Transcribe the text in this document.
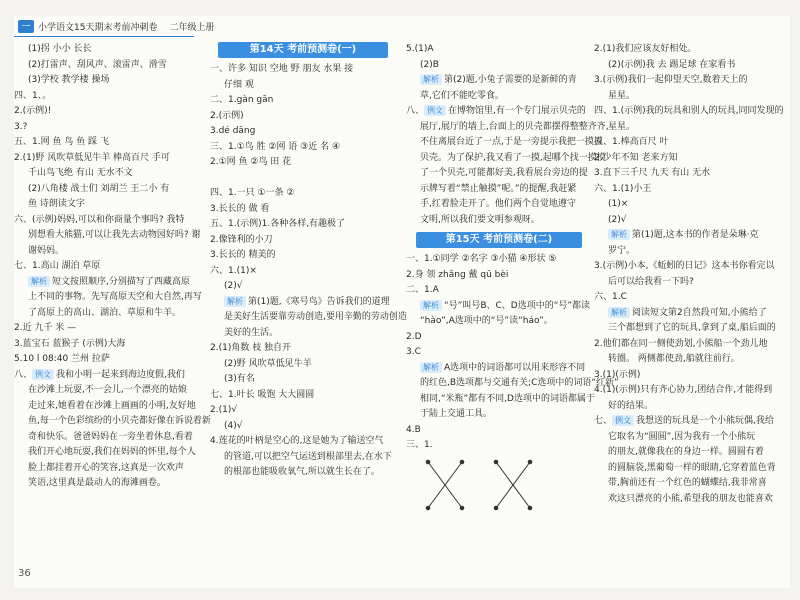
一 小学语文15天期末考前冲刺卷 二年级上册
(1)拐 小小 长长
(2)打雷声、刮风声、滚雷声、滑雪
(3)学校 教学楼 操场
四、1、。
2.(示例)!
3.?
五、1.网 鱼 鸟 鱼 踩 飞
2.(1)野 风吹草低见牛羊 棒高百尺 手可
千山鸟飞绝 有山 无水不文
(2)八角楼 战士们 刘胡兰 王二小 有
鱼 诗朗读文字
六、(示例)妈妈,可以和你商量个事吗? 我特
别想看大熊猫,可以让我先去动物园好吗? 谢
谢妈妈。
七、1.高山 湖泊 草原
解析 短文按照顺序,分别描写了西藏高原
上不同的事物。先写高原天空和大自然,再写
了高原上的高山、湖泊、草原和牛羊。
2.近 九千 米 —
3.蓝宝石 蓝猴子 (示例)大海
5.10 l 08:40 兰州 拉萨
八、 例文 我和小明一起来到海边度假,我们
在沙滩上玩耍,不一会儿,一个漂亮的姑娘
走过来,她看着在沙滩上画画的小明,友好地
鱼,每一个色彩缤纷的小贝壳都好像在诉说着新
奇和快乐。爸爸妈妈在一旁坐着休息,看着
我们开心地玩耍,我们在妈妈的怀里,每个人
脸上都挂着开心的笑容,这真是一次欢声
笑语,这里真是最动人的海滩画卷。
第14天 考前预测卷(一)
一、许多 知识 空地 野 朋友 水果 接
仔细 观
二、1.gàn gān
2.(示例)
3.dé dāng
三、1.①鸟 胜 ②网 语 ③近 名 ④
2.①网 鱼 ②鸟 田 花

四、1.一只 ①一条 ②
3.长长的 做 看
五、1.(示例)1.各种各样,有趣极了
2.像锋利的小刀
3.长长的 精美的
六、1.(1)×
(2)√
解析 第(1)题,《寒号鸟》告诉我们的道理
是美好生活要靠劳动创造,要用辛勤的劳动创造
美好的生活。
2.(1)角数 枝 独自开
(2)野 风吹草低见牛羊
(3)有名
七、1.叶长 吸饱 大大圆圆
2.(1)√
(4)√
4.莲花的叶柄是空心的,这是她为了输送空气
的管道,可以把空气运送到根部里去,在水下
的根部也能吸收氧气,所以就生长在了。
5.(1)A
(2)B
解析 第(2)题,小兔子需要的是新鲜的青
草,它们不能吃零食。
八、 例文 在博物馆里,有一个专门展示贝壳的
展厅,展厅的墙上,台面上的贝壳都摆得整整齐齐,
不住离展台近了一点,于是一旁提示我把一摸摸
贝壳。为了保护,我又看了一摸,起哪个找一摸摸
了一个贝壳,可能都好美,我看展台旁边的提
示牌写着“禁止触摸”呢。”的提醒,我赶紧
手,红着脸走开了。他们两个自觉地遵守
文明,所以我们要文明参观呀。
第15天 考前预测卷(二)
一、1.①同学 ②名字 ③小猫 ④形状 ⑤
2.身 领 zhǎng 戴 qū bèi
二、1.A
解析 “号”叫号B、C、D选项中的“号”都读
“hào”,A选项中的“号”读“háo”。
2.D
3.C
解析 A选项中的词语都可以用来形容不同
的红色,B选项都与交通有关;C选项中的词语“红新”
相同,“米瓶”都有不同,D选项中的词语都属于
于陆上交通工具。
4.B
三、1.
2.(1)我们应该友好相处。
(2)(示例)我 去 踢足球 在家看书
3.(示例)我们一起仰望天空,数着天上的
星星。
四、1.(示例)我的玩具和别人的玩具,同同发现的
星星。
五、1.棒高百尺 叶
2.少年不知 老来方知
3.直下三千尺 九天 有山 无水
六、1.(1)小王
(1)×
(2)√
解析 第(1)题,这本书的作者是朵琳·克
罗宁。
3.(示例)小本,《蚯蚓的日记》这本书你看完以
后可以给我看一下吗?
六、1.C
解析 阅读短文第2自然段可知,小熊给了
三个都想到了它的玩具,拿到了桌,船后面的
2.他们都在同一侧使劲划,小熊船一个劲儿地
转圈。 两侧都使劲,船就往前行。
3.(1)(示例)
4.(1)(示例)只有齐心协力,团结合作,才能得到
好的结果。
七、 例文 我想送的玩具是一个小熊玩偶,我给
它取名为“圆圆”,因为我有一个小熊玩
的朋友,就像我在的身边一样。圆圆有着
的圆脑袋,黑葡萄一样的眼睛,它穿着蓝色背
带,胸前还有一个红色的蝴蝶结,我非常喜
欢这只漂亮的小熊,希望我的朋友也能喜欢
36
